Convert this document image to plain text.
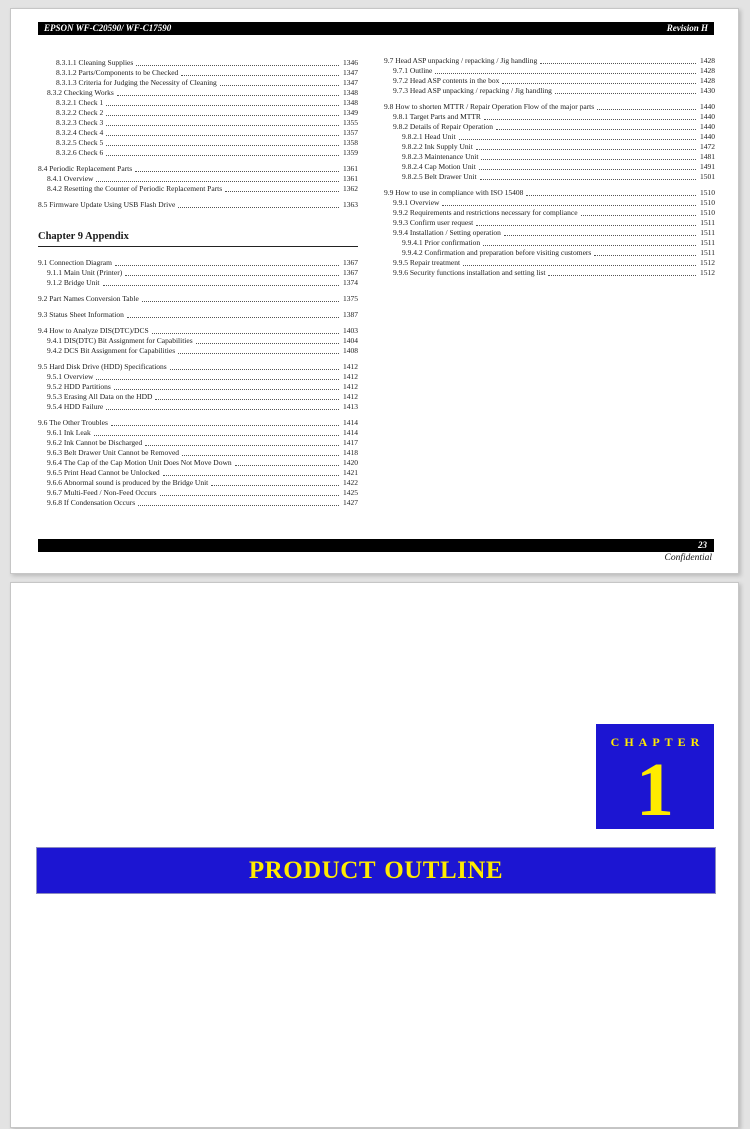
EPSON WF-C20590/ WF-C17590	Revision H
8.3.1.1 Cleaning Supplies	1346
8.3.1.2 Parts/Components to be Checked	1347
8.3.1.3 Criteria for Judging the Necessity of Cleaning	1347
8.3.2 Checking Works	1348
8.3.2.1 Check 1	1348
8.3.2.2 Check 2	1349
8.3.2.3 Check 3	1355
8.3.2.4 Check 4	1357
8.3.2.5 Check 5	1358
8.3.2.6 Check 6	1359
8.4 Periodic Replacement Parts	1361
8.4.1 Overview	1361
8.4.2 Resetting the Counter of Periodic Replacement Parts	1362
8.5 Firmware Update Using USB Flash Drive	1363
Chapter 9 Appendix
9.1 Connection Diagram	1367
9.1.1 Main Unit (Printer)	1367
9.1.2 Bridge Unit	1374
9.2 Part Names Conversion Table	1375
9.3 Status Sheet Information	1387
9.4 How to Analyze DIS(DTC)/DCS	1403
9.4.1 DIS(DTC) Bit Assignment for Capabilities	1404
9.4.2 DCS Bit Assignment for Capabilities	1408
9.5 Hard Disk Drive (HDD) Specifications	1412
9.5.1 Overview	1412
9.5.2 HDD Partitions	1412
9.5.3 Erasing All Data on the HDD	1412
9.5.4 HDD Failure	1413
9.6 The Other Troubles	1414
9.6.1 Ink Leak	1414
9.6.2 Ink Cannot be Discharged	1417
9.6.3 Belt Drawer Unit Cannot be Removed	1418
9.6.4 The Cap of the Cap Motion Unit Does Not Move Down	1420
9.6.5 Print Head Cannot be Unlocked	1421
9.6.6 Abnormal sound is produced by the Bridge Unit	1422
9.6.7 Multi-Feed / Non-Feed Occurs	1425
9.6.8 If Condensation Occurs	1427
9.7 Head ASP unpacking / repacking / Jig handling	1428
9.7.1 Outline	1428
9.7.2 Head ASP contents in the box	1428
9.7.3 Head ASP unpacking / repacking / Jig handling	1430
9.8 How to shorten MTTR / Repair Operation Flow of the major parts	1440
9.8.1 Target Parts and MTTR	1440
9.8.2 Details of Repair Operation	1440
9.8.2.1 Head Unit	1440
9.8.2.2 Ink Supply Unit	1472
9.8.2.3 Maintenance Unit	1481
9.8.2.4 Cap Motion Unit	1491
9.8.2.5 Belt Drawer Unit	1501
9.9 How to use in compliance with ISO 15408	1510
9.9.1 Overview	1510
9.9.2 Requirements and restrictions necessary for compliance	1510
9.9.3 Confirm user request	1511
9.9.4 Installation / Setting operation	1511
9.9.4.1 Prior confirmation	1511
9.9.4.2 Confirmation and preparation before visiting customers	1511
9.9.5 Repair treatment	1512
9.9.6 Security functions installation and setting list	1512
23
Confidential
CHAPTER
1
PRODUCT OUTLINE
